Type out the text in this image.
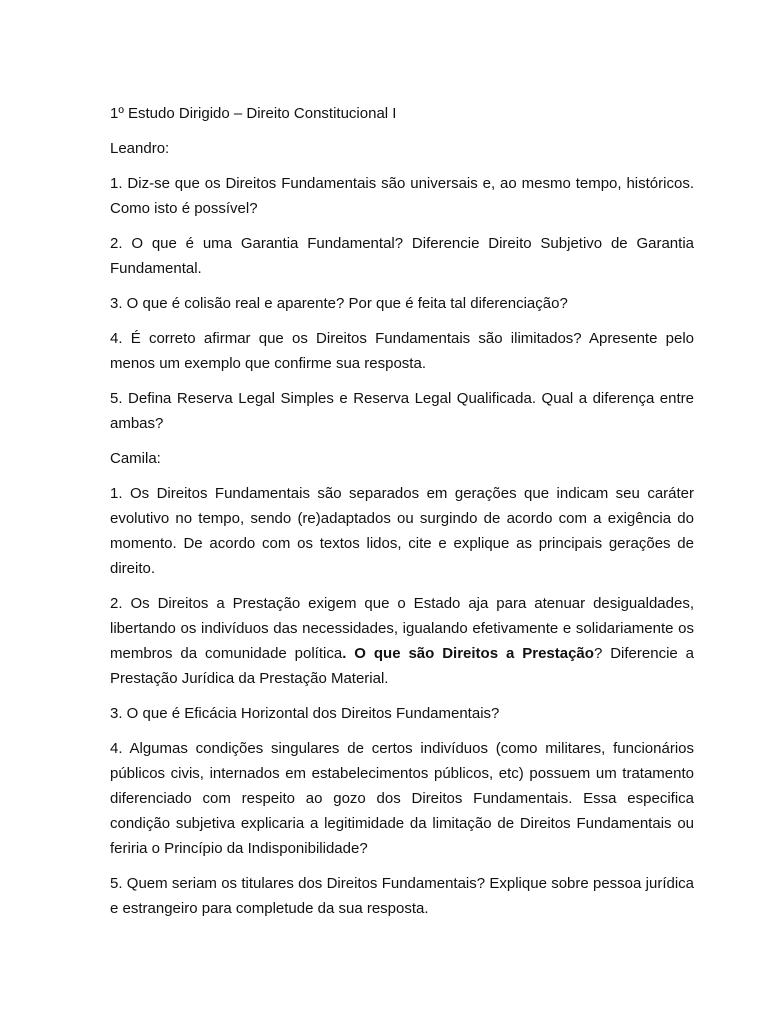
1º Estudo Dirigido – Direito Constitucional I

Leandro:

1. Diz-se que os Direitos Fundamentais são universais e, ao mesmo tempo, históricos. Como isto é possível?

2. O que é uma Garantia Fundamental? Diferencie Direito Subjetivo de Garantia Fundamental.

3. O que é colisão real e aparente? Por que é feita tal diferenciação?

4. É correto afirmar que os Direitos Fundamentais são ilimitados? Apresente pelo menos um exemplo que confirme sua resposta.

5. Defina Reserva Legal Simples e Reserva Legal Qualificada. Qual a diferença entre ambas?

Camila:

1. Os Direitos Fundamentais são separados em gerações que indicam seu caráter evolutivo no tempo, sendo (re)adaptados ou surgindo de acordo com a exigência do momento. De acordo com os textos lidos, cite e explique as principais gerações de direito.

2. Os Direitos a Prestação exigem que o Estado aja para atenuar desigualdades, libertando os indivíduos das necessidades, igualando efetivamente e solidariamente os membros da comunidade política. O que são Direitos a Prestação? Diferencie a Prestação Jurídica da Prestação Material.

3. O que é Eficácia Horizontal dos Direitos Fundamentais?

4. Algumas condições singulares de certos indivíduos (como militares, funcionários públicos civis, internados em estabelecimentos públicos, etc) possuem um tratamento diferenciado com respeito ao gozo dos Direitos Fundamentais. Essa especifica condição subjetiva explicaria a legitimidade da limitação de Direitos Fundamentais ou feriria o Princípio da Indisponibilidade?

5. Quem seriam os titulares dos Direitos Fundamentais? Explique sobre pessoa jurídica e estrangeiro para completude da sua resposta.
